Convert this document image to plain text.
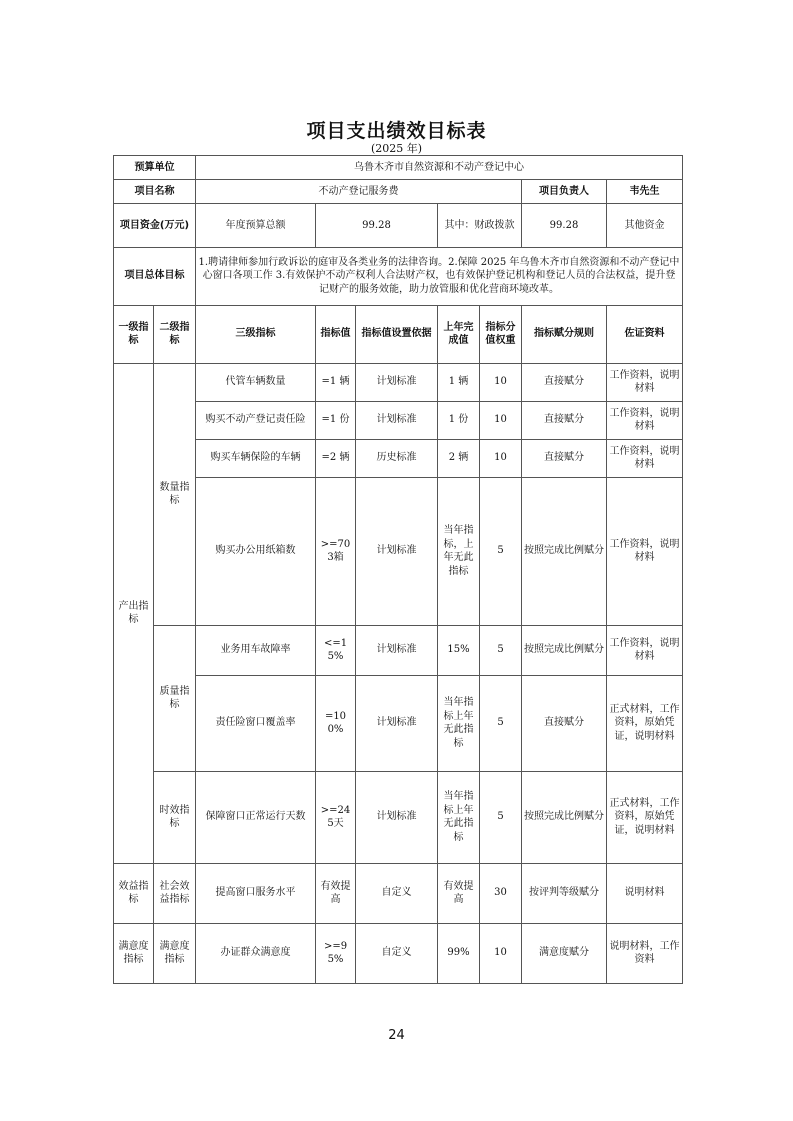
项目支出绩效目标表
(2025 年)
预算单位		乌鲁木齐市自然资源和不动产登记中心							
项目名称		不动产登记服务费					项目负责人	韦先生	
项目资金(万元)		年度预算总额	99.28		其中：财政拨款		99.28	其他资金	
项目总体目标		1.聘请律师参加行政诉讼的庭审及各类业务的法律咨询。2.保障 2025 年乌鲁木齐市自然资源和不动产登记中心窗口各项工作 3.有效保护不动产权利人合法财产权，也有效保护登记机构和登记人员的合法权益，提升登记财产的服务效能，助力放管服和优化营商环境改革。							
一级指标	二级指标	三级指标	指标值	指标值设置依据	上年完成值	指标分值权重	指标赋分规则	佐证资料	
产出指标	数量指标	代管车辆数量	=1 辆	计划标准	1 辆	10	直接赋分	工作资料，说明材料	
		购买不动产登记责任险	=1 份	计划标准	1 份	10	直接赋分	工作资料，说明材料	
		购买车辆保险的车辆	=2 辆	历史标准	2 辆	10	直接赋分	工作资料，说明材料	
		购买办公用纸箱数	>=703箱	计划标准	当年指标，上年无此指标	5	按照完成比例赋分	工作资料，说明材料	
	质量指标	业务用车故障率	<=15%	计划标准	15%	5	按照完成比例赋分	工作资料，说明材料	
		责任险窗口覆盖率	=100%	计划标准	当年指标上年无此指标	5	直接赋分	正式材料，工作资料，原始凭证，说明材料	
	时效指标	保障窗口正常运行天数	>=245天	计划标准	当年指标上年无此指标	5	按照完成比例赋分	正式材料，工作资料，原始凭证，说明材料	
效益指标	社会效益指标	提高窗口服务水平	有效提高	自定义	有效提高	30	按评判等级赋分	说明材料	
满意度指标	满意度指标	办证群众满意度	>=95%	自定义	99%	10	满意度赋分	说明材料，工作资料	
24
